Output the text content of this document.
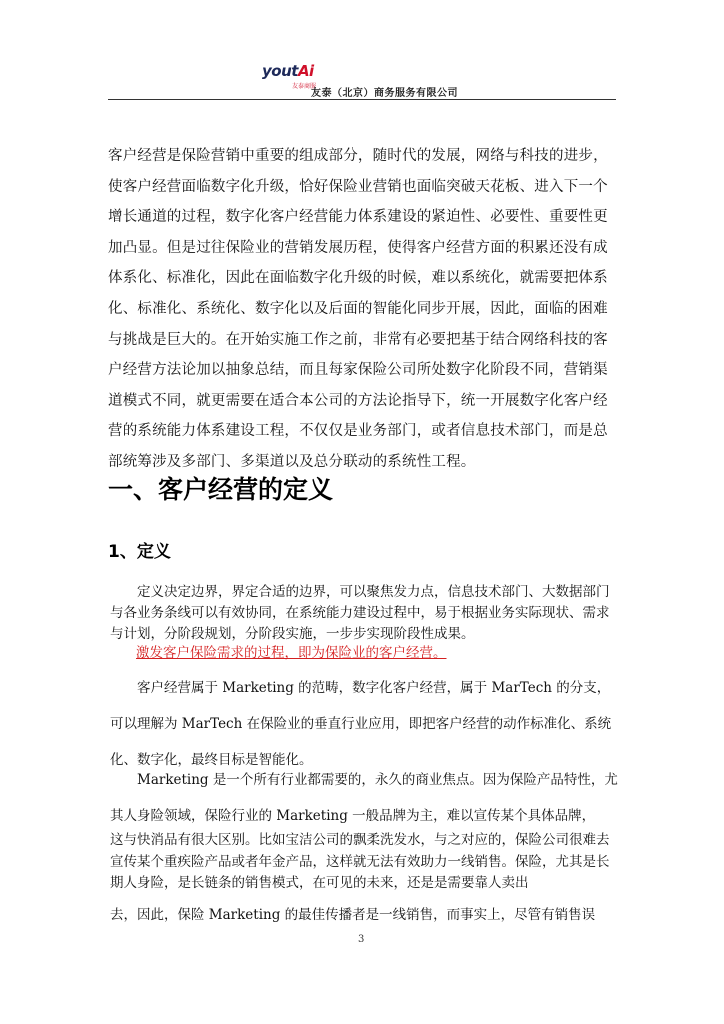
youtAi
友泰商服
友泰（北京）商务服务有限公司

客户经营是保险营销中重要的组成部分，随时代的发展，网络与科技的进步，使客户经营面临数字化升级，恰好保险业营销也面临突破天花板、进入下一个增长通道的过程，数字化客户经营能力体系建设的紧迫性、必要性、重要性更加凸显。但是过往保险业的营销发展历程，使得客户经营方面的积累还没有成体系化、标准化，因此在面临数字化升级的时候，难以系统化，就需要把体系化、标准化、系统化、数字化以及后面的智能化同步开展，因此，面临的困难与挑战是巨大的。在开始实施工作之前，非常有必要把基于结合网络科技的客户经营方法论加以抽象总结，而且每家保险公司所处数字化阶段不同，营销渠道模式不同，就更需要在适合本公司的方法论指导下，统一开展数字化客户经营的系统能力体系建设工程，不仅仅是业务部门，或者信息技术部门，而是总部统筹涉及多部门、多渠道以及总分联动的系统性工程。

一、客户经营的定义
1、定义

定义决定边界，界定合适的边界，可以聚焦发力点，信息技术部门、大数据部门与各业务条线可以有效协同，在系统能力建设过程中，易于根据业务实际现状、需求与计划，分阶段规划，分阶段实施，一步步实现阶段性成果。

激发客户保险需求的过程，即为保险业的客户经营。

客户经营属于 Marketing 的范畴，数字化客户经营，属于 MarTech 的分支，可以理解为 MarTech 在保险业的垂直行业应用，即把客户经营的动作标准化、系统化、数字化，最终目标是智能化。

Marketing 是一个所有行业都需要的，永久的商业焦点。因为保险产品特性，尤其人身险领域，保险行业的 Marketing 一般品牌为主，难以宣传某个具体品牌，

这与快消品有很大区别。比如宝洁公司的飘柔洗发水，与之对应的，保险公司很难去宣传某个重疾险产品或者年金产品，这样就无法有效助力一线销售。保险，尤其是长期人身险，是长链条的销售模式，在可见的未来，还是是需要靠人卖出

去，因此，保险 Marketing 的最佳传播者是一线销售，而事实上，尽管有销售误

3
